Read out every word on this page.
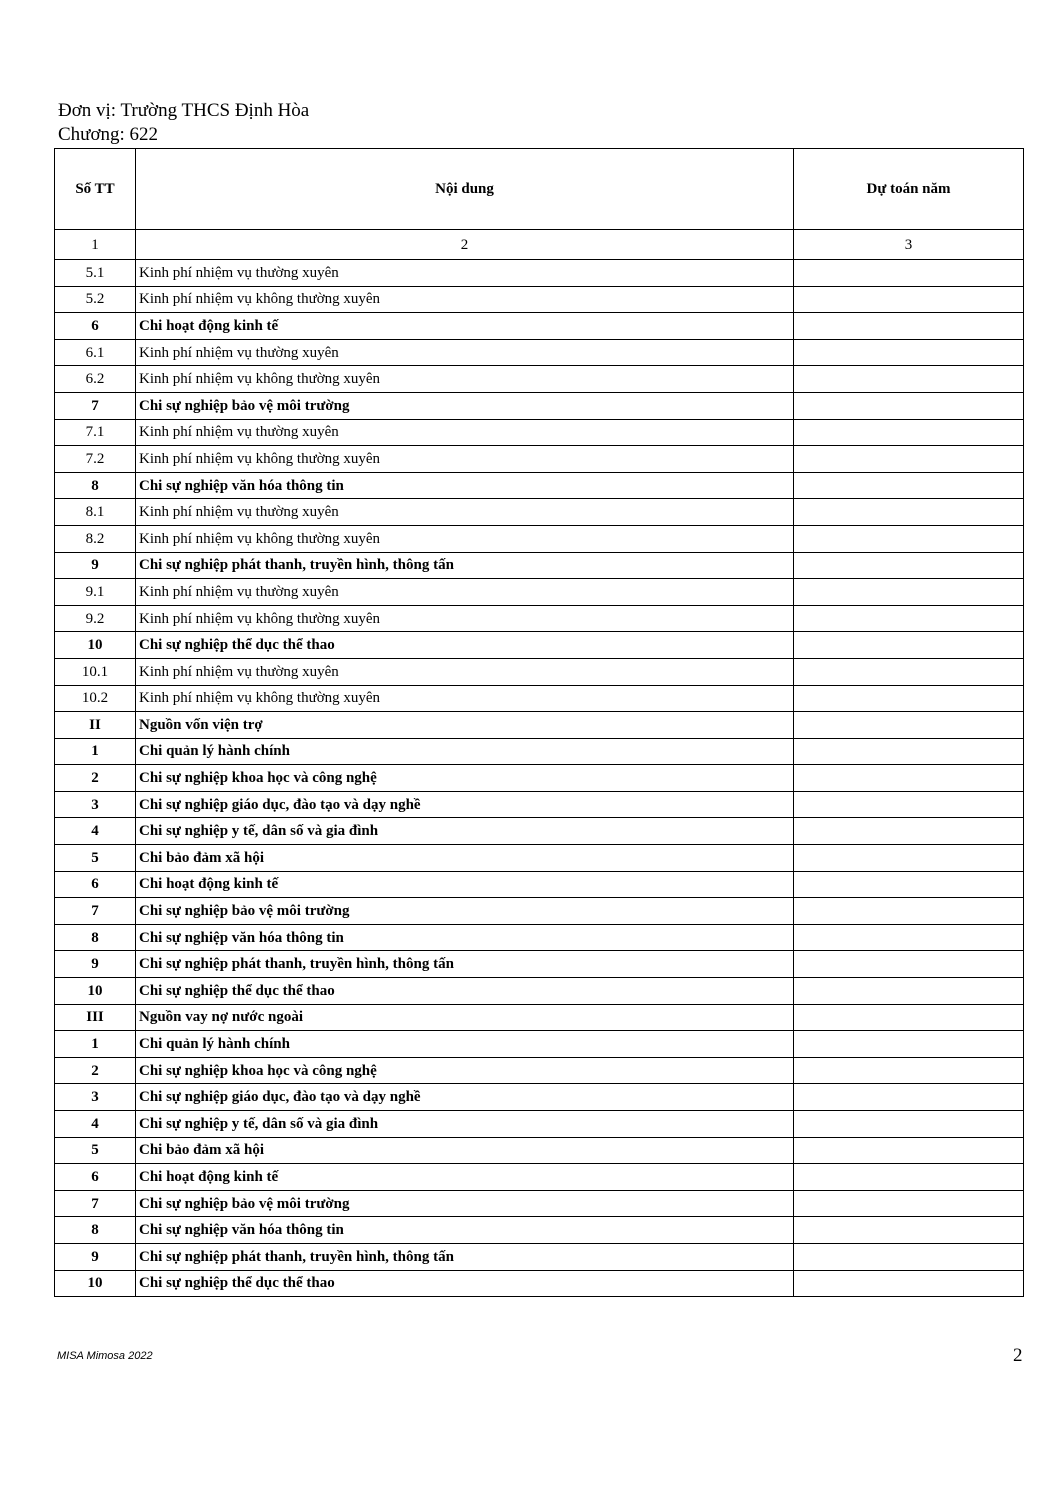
Đơn vị: Trường THCS Định Hòa
Chương: 622
Số TT	Nội dung	Dự toán năm
1	2	3
5.1	Kinh phí nhiệm vụ thường xuyên	
5.2	Kinh phí nhiệm vụ không thường xuyên	
6	Chi hoạt động kinh tế	
6.1	Kinh phí nhiệm vụ thường xuyên	
6.2	Kinh phí nhiệm vụ không thường xuyên	
7	Chi sự nghiệp bảo vệ môi trường	
7.1	Kinh phí nhiệm vụ thường xuyên	
7.2	Kinh phí nhiệm vụ không thường xuyên	
8	Chi sự nghiệp văn hóa thông tin	
8.1	Kinh phí nhiệm vụ thường xuyên	
8.2	Kinh phí nhiệm vụ không thường xuyên	
9	Chi sự nghiệp phát thanh, truyền hình, thông tấn	
9.1	Kinh phí nhiệm vụ thường xuyên	
9.2	Kinh phí nhiệm vụ không thường xuyên	
10	Chi sự nghiệp thể dục thể thao	
10.1	Kinh phí nhiệm vụ thường xuyên	
10.2	Kinh phí nhiệm vụ không thường xuyên	
II	Nguồn vốn viện trợ	
1	Chi quản lý hành chính	
2	Chi sự nghiệp khoa học và công nghệ	
3	Chi sự nghiệp giáo dục, đào tạo và dạy nghề	
4	Chi sự nghiệp y tế, dân số và gia đình	
5	Chi bảo đảm xã hội	
6	Chi hoạt động kinh tế	
7	Chi sự nghiệp bảo vệ môi trường	
8	Chi sự nghiệp văn hóa thông tin	
9	Chi sự nghiệp phát thanh, truyền hình, thông tấn	
10	Chi sự nghiệp thể dục thể thao	
III	Nguồn vay nợ nước ngoài	
1	Chi quản lý hành chính	
2	Chi sự nghiệp khoa học và công nghệ	
3	Chi sự nghiệp giáo dục, đào tạo và dạy nghề	
4	Chi sự nghiệp y tế, dân số và gia đình	
5	Chi bảo đảm xã hội	
6	Chi hoạt động kinh tế	
7	Chi sự nghiệp bảo vệ môi trường	
8	Chi sự nghiệp văn hóa thông tin	
9	Chi sự nghiệp phát thanh, truyền hình, thông tấn	
10	Chi sự nghiệp thể dục thể thao	
MISA Mimosa 2022	2
